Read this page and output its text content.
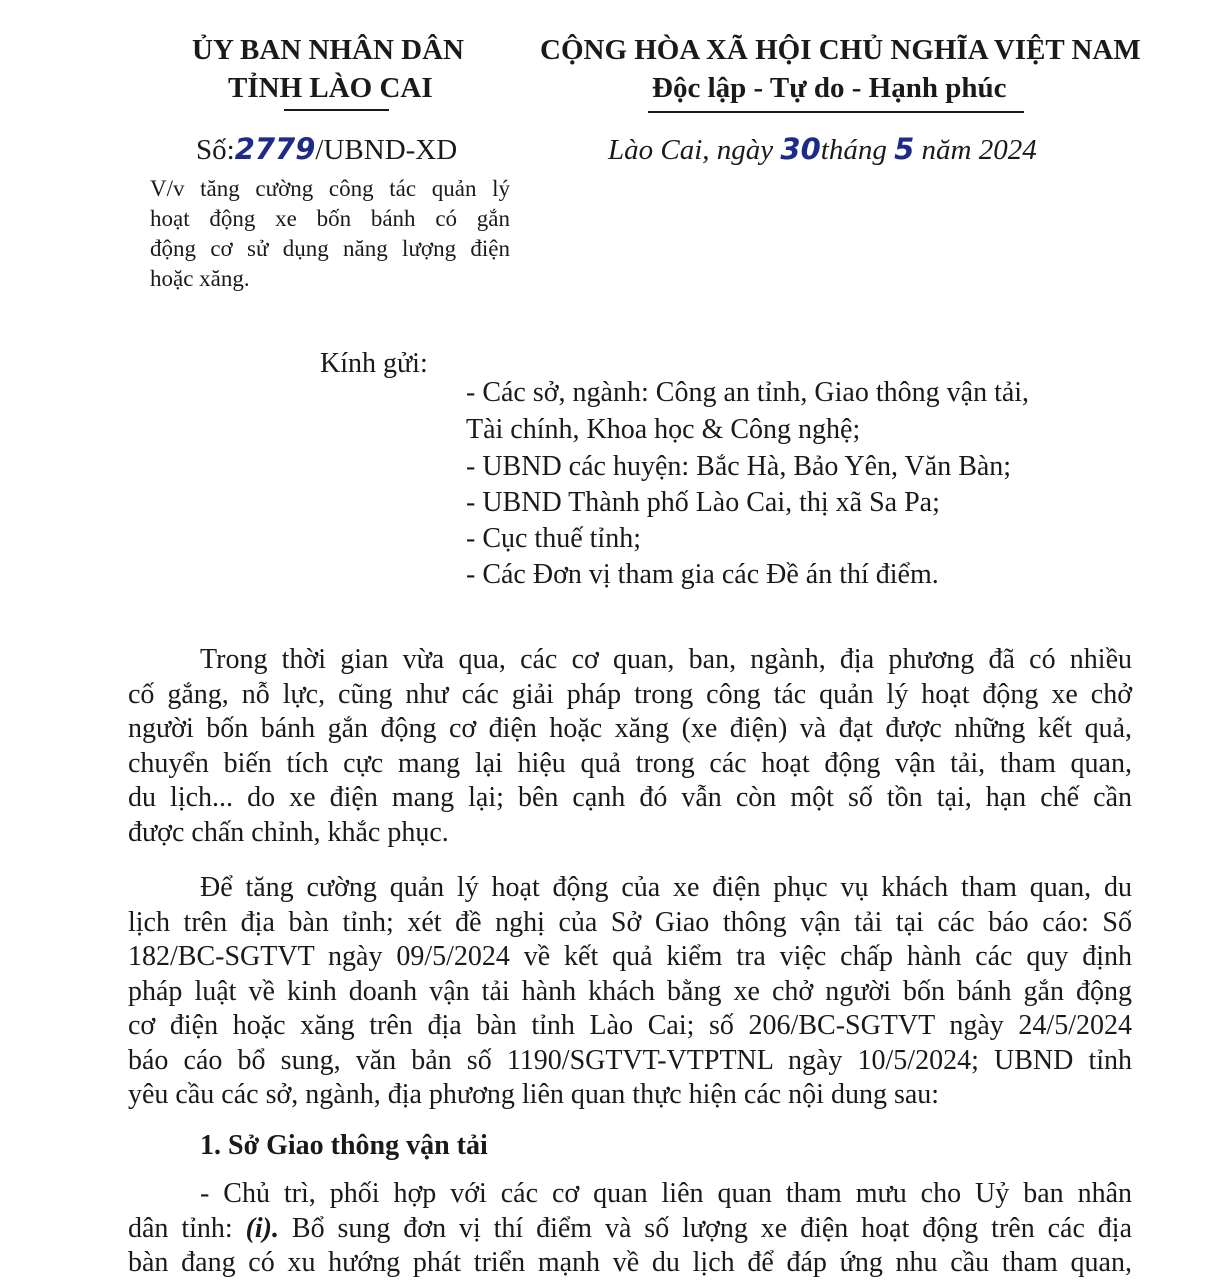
ỦY BAN NHÂN DÂN
TỈNH LÀO CAI
CỘNG HÒA XÃ HỘI CHỦ NGHĨA VIỆT NAM
Độc lập - Tự do - Hạnh phúc
Số:2779/UBND-XD	Lào Cai, ngày 30tháng 5 năm 2024
V/v tăng cường công tác quản lý
hoạt động xe bốn bánh có gắn
động cơ sử dụng năng lượng điện
hoặc xăng.
Kính gửi:
- Các sở, ngành: Công an tỉnh, Giao thông vận tải,
Tài chính, Khoa học & Công nghệ;
- UBND các huyện: Bắc Hà, Bảo Yên, Văn Bàn;
- UBND Thành phố Lào Cai, thị xã Sa Pa;
- Cục thuế tỉnh;
- Các Đơn vị tham gia các Đề án thí điểm.
Trong thời gian vừa qua, các cơ quan, ban, ngành, địa phương đã có nhiều
cố gắng, nỗ lực, cũng như các giải pháp trong công tác quản lý hoạt động xe chở
người bốn bánh gắn động cơ điện hoặc xăng (xe điện) và đạt được những kết quả,
chuyển biến tích cực mang lại hiệu quả trong các hoạt động vận tải, tham quan,
du lịch... do xe điện mang lại; bên cạnh đó vẫn còn một số tồn tại, hạn chế cần
được chấn chỉnh, khắc phục.
Để tăng cường quản lý hoạt động của xe điện phục vụ khách tham quan, du
lịch trên địa bàn tỉnh; xét đề nghị của Sở Giao thông vận tải tại các báo cáo: Số
182/BC-SGTVT ngày 09/5/2024 về kết quả kiểm tra việc chấp hành các quy định
pháp luật về kinh doanh vận tải hành khách bằng xe chở người bốn bánh gắn động
cơ điện hoặc xăng trên địa bàn tỉnh Lào Cai; số 206/BC-SGTVT ngày 24/5/2024
báo cáo bổ sung, văn bản số 1190/SGTVT-VTPTNL ngày 10/5/2024; UBND tỉnh
yêu cầu các sở, ngành, địa phương liên quan thực hiện các nội dung sau:
1. Sở Giao thông vận tải
- Chủ trì, phối hợp với các cơ quan liên quan tham mưu cho Uỷ ban nhân
dân tỉnh: (i). Bổ sung đơn vị thí điểm và số lượng xe điện hoạt động trên các địa
bàn đang có xu hướng phát triển mạnh về du lịch để đáp ứng nhu cầu tham quan,
